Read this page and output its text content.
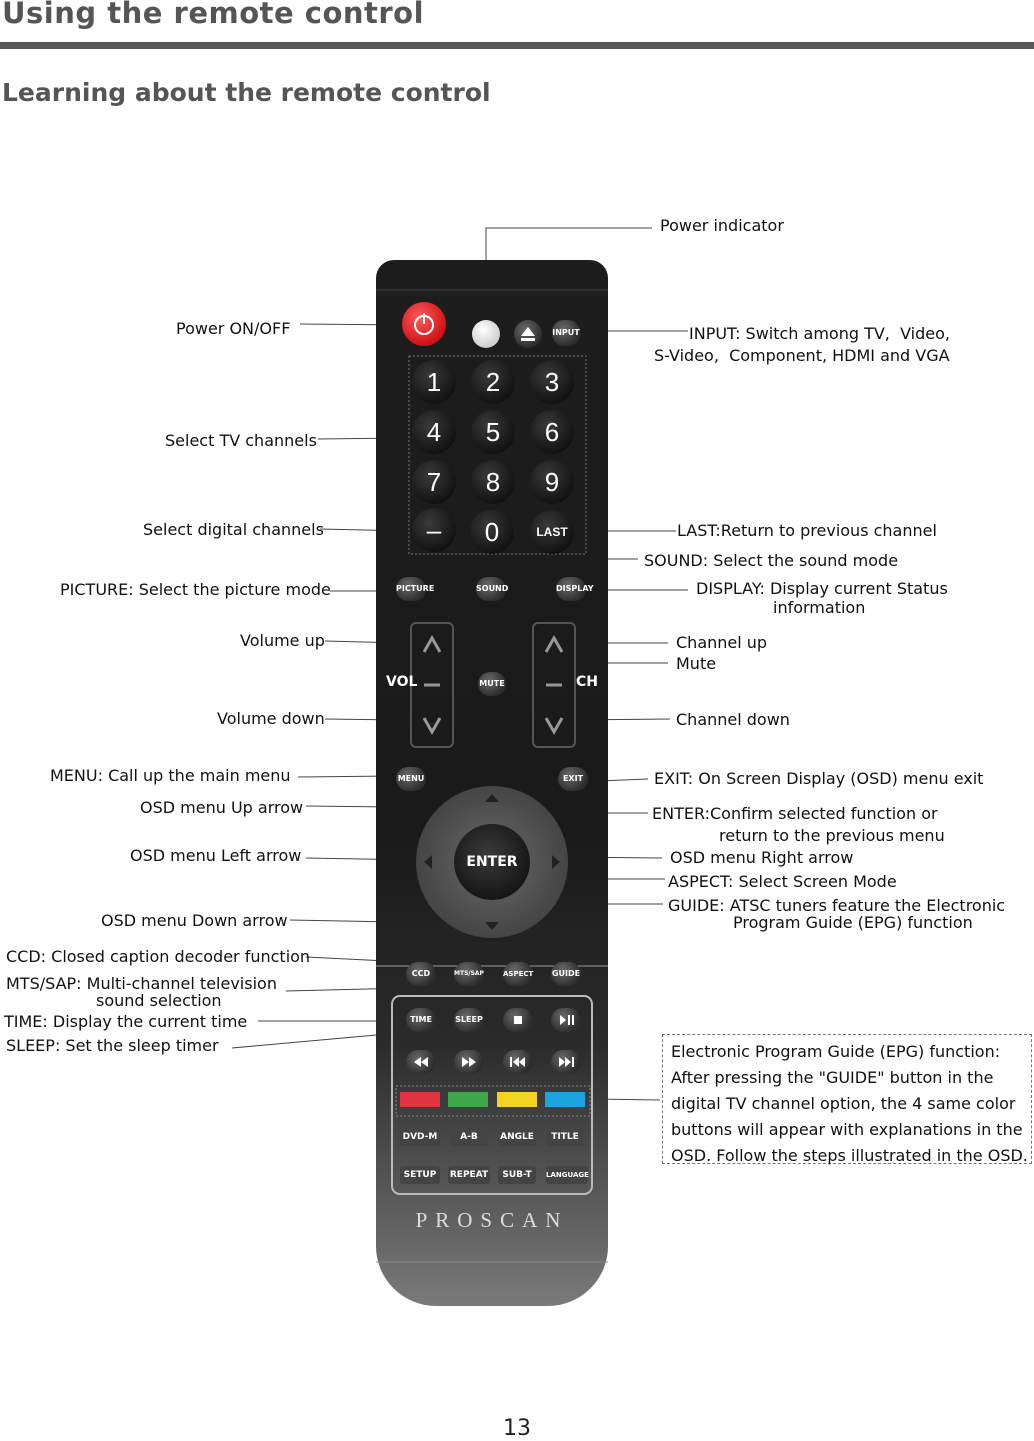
Using the remote control
Learning about the remote control
INPUT
–	0	LAST
PICTURE	SOUND	DISPLAY
VOL	CH
MUTE
MENU	EXIT
ENTER
CCD	MTS/SAP	ASPECT GUIDE
TIME	SLEEP
DVD-M	A-B	ANGLE	TITLE
SETUP	REPEAT	SUB-T	LANGUAGE
PROSCAN
1	2	3
4	5	6
7	8	9
Power indicator
Power ON/OFF	INPUT: Switch among TV,  Video,
S-Video,  Component, HDMI and VGA
Select TV channels
Select digital channels	LAST:Return to previous channel
SOUND: Select the sound mode
PICTURE: Select the picture mode	DISPLAY: Display current Status
information
Volume up	Channel up
Mute
Volume down	Channel down
MENU: Call up the main menu	EXIT: On Screen Display (OSD) menu exit
OSD menu Up arrow	ENTER:Confirm selected function or
return to the previous menu
OSD menu Left arrow	OSD menu Right arrow
ASPECT: Select Screen Mode
OSD menu Down arrow
GUIDE: ATSC tuners feature the Electronic
Program Guide (EPG) function
CCD: Closed caption decoder function
MTS/SAP: Multi-channel television
sound selection
TIME: Display the current time
SLEEP: Set the sleep timer	Electronic Program Guide (EPG) function:
After pressing the "GUIDE" button in the
digital TV channel option, the 4 same color
buttons will appear with explanations in the
OSD. Follow the steps illustrated in the OSD.
13
